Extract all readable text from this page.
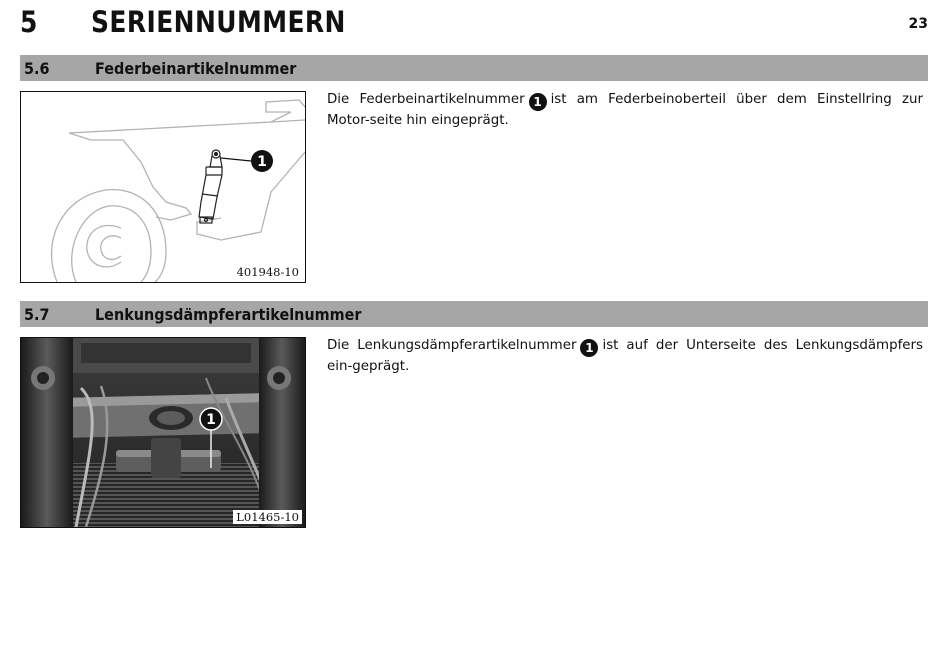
5 SERIENNUMMERN	23
5.6	Federbeinartikelnummer
1
401948-10
Die Federbeinartikelnummer 1 ist am Federbeinoberteil über dem Einstellring zur Motor-seite hin eingeprägt.
5.7	Lenkungsdämpferartikelnummer
1
L01465-10
Die Lenkungsdämpferartikelnummer 1 ist auf der Unterseite des Lenkungsdämpfers ein-geprägt.
